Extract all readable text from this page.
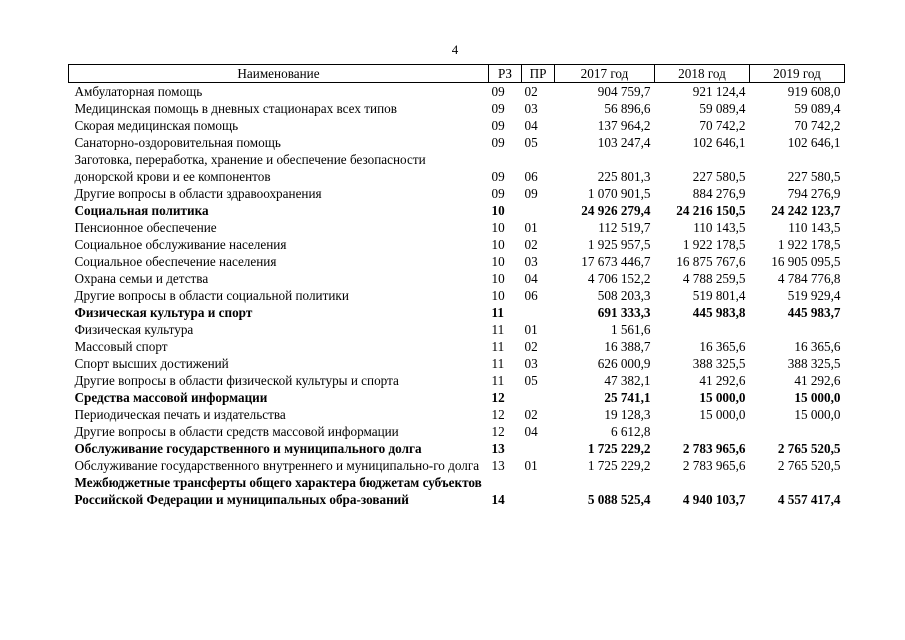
4
Наименование	РЗ	ПР	2017 год	2018 год	2019 год
Амбулаторная помощь	09	02	904 759,7	921 124,4	919 608,0
Медицинская помощь в дневных стационарах всех типов	09	03	56 896,6	59 089,4	59 089,4
Скорая медицинская помощь	09	04	137 964,2	70 742,2	70 742,2
Санаторно-оздоровительная помощь	09	05	103 247,4	102 646,1	102 646,1
Заготовка, переработка, хранение и обеспечение безопасности донорской крови и ее компонентов	09	06	225 801,3	227 580,5	227 580,5
Другие вопросы в области здравоохранения	09	09	1 070 901,5	884 276,9	794 276,9
Социальная политика	10		24 926 279,4	24 216 150,5	24 242 123,7
Пенсионное обеспечение	10	01	112 519,7	110 143,5	110 143,5
Социальное обслуживание населения	10	02	1 925 957,5	1 922 178,5	1 922 178,5
Социальное обеспечение населения	10	03	17 673 446,7	16 875 767,6	16 905 095,5
Охрана семьи и детства	10	04	4 706 152,2	4 788 259,5	4 784 776,8
Другие вопросы в области социальной политики	10	06	508 203,3	519 801,4	519 929,4
Физическая культура и спорт	11		691 333,3	445 983,8	445 983,7
Физическая культура	11	01	1 561,6		
Массовый спорт	11	02	16 388,7	16 365,6	16 365,6
Спорт высших достижений	11	03	626 000,9	388 325,5	388 325,5
Другие вопросы в области физической культуры и спорта	11	05	47 382,1	41 292,6	41 292,6
Средства массовой информации	12		25 741,1	15 000,0	15 000,0
Периодическая печать и издательства	12	02	19 128,3	15 000,0	15 000,0
Другие вопросы в области средств массовой информации	12	04	6 612,8		
Обслуживание государственного и муниципального долга	13		1 725 229,2	2 783 965,6	2 765 520,5
Обслуживание государственного внутреннего и муниципально-го долга	13	01	1 725 229,2	2 783 965,6	2 765 520,5
Межбюджетные трансферты общего характера бюджетам субъектов Российской Федерации и муниципальных обра-зований	14		5 088 525,4	4 940 103,7	4 557 417,4
